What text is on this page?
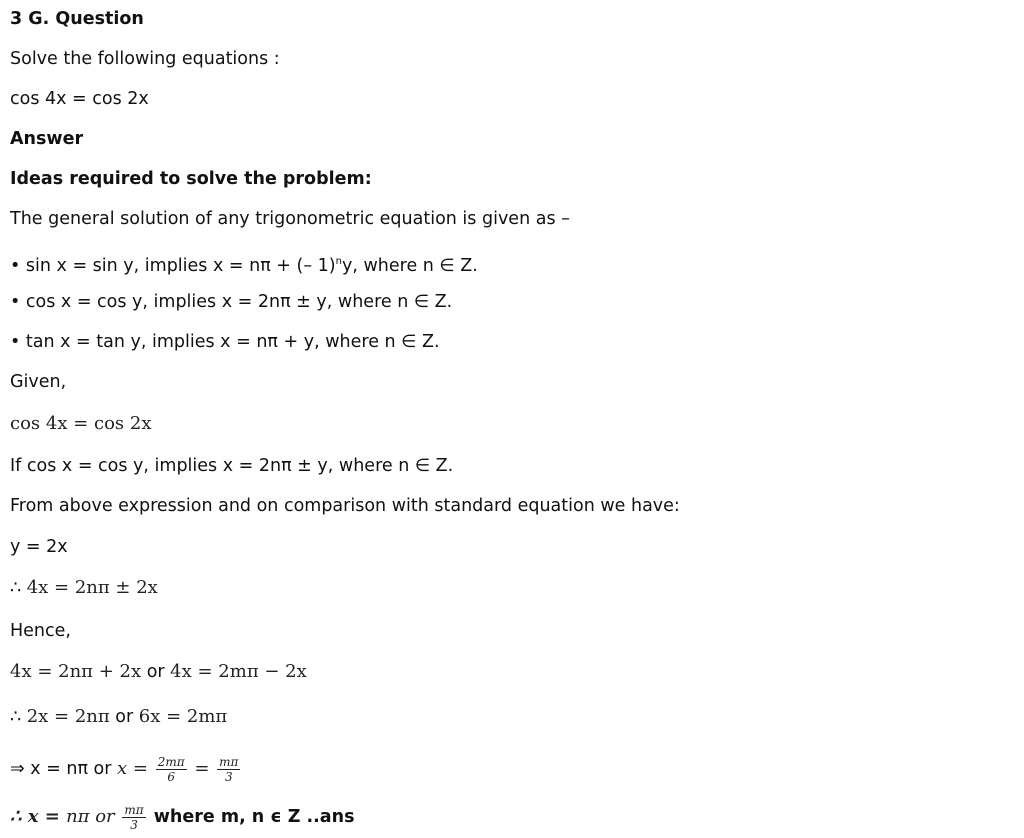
3 G. Question
Solve the following equations :
cos 4x = cos 2x
Answer
Ideas required to solve the problem:
The general solution of any trigonometric equation is given as –
• sin x = sin y, implies x = nπ + (– 1)$^n$y, where n ∈ Z.
• cos x = cos y, implies x = 2nπ ± y, where n ∈ Z.
• tan x = tan y, implies x = nπ + y, where n ∈ Z.
Given,
cos 4x = cos 2x
If cos x = cos y, implies x = 2nπ ± y, where n ∈ Z.
From above expression and on comparison with standard equation we have:
y = 2x
∴ 4x = 2nπ ± 2x
Hence,
4x = 2nπ + 2x or 4x = 2mπ − 2x
∴ 2x = 2nπ or 6x = 2mπ
⇒ x = nπ or $x = \frac{2m\pi}{6} = \frac{m\pi}{3}$
∴ x = nπ or $\frac{m\pi}{3}$ where m, n ϵ Z ..ans
